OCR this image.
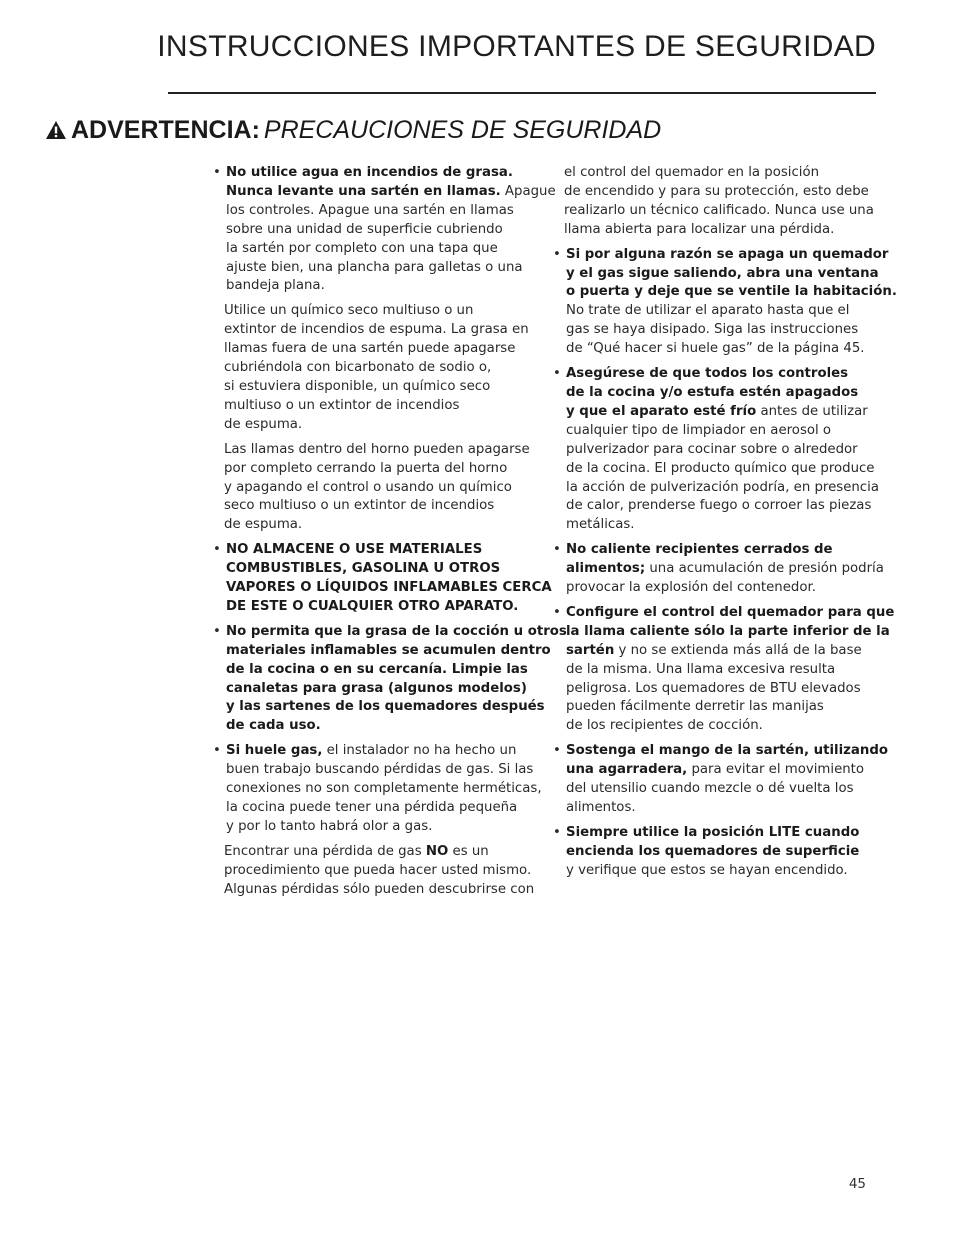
INSTRUCCIONES IMPORTANTES DE SEGURIDAD
ADVERTENCIA: PRECAUCIONES DE SEGURIDAD
• No utilice agua en incendios de grasa.
Nunca levante una sartén en llamas. Apague
los controles. Apague una sartén en llamas
sobre una unidad de superficie cubriendo
la sartén por completo con una tapa que
ajuste bien, una plancha para galletas o una
bandeja plana.
Utilice un químico seco multiuso o un
extintor de incendios de espuma. La grasa en
llamas fuera de una sartén puede apagarse
cubriéndola con bicarbonato de sodio o,
si estuviera disponible, un químico seco
multiuso o un extintor de incendios
de espuma.
Las llamas dentro del horno pueden apagarse
por completo cerrando la puerta del horno
y apagando el control o usando un químico
seco multiuso o un extintor de incendios
de espuma.
• NO ALMACENE O USE MATERIALES
COMBUSTIBLES, GASOLINA U OTROS
VAPORES O LÍQUIDOS INFLAMABLES CERCA
DE ESTE O CUALQUIER OTRO APARATO.
• No permita que la grasa de la cocción u otros
materiales inflamables se acumulen dentro
de la cocina o en su cercanía. Limpie las
canaletas para grasa (algunos modelos)
y las sartenes de los quemadores después
de cada uso.
• Si huele gas, el instalador no ha hecho un
buen trabajo buscando pérdidas de gas. Si las
conexiones no son completamente herméticas,
la cocina puede tener una pérdida pequeña
y por lo tanto habrá olor a gas.
Encontrar una pérdida de gas NO es un
procedimiento que pueda hacer usted mismo.
Algunas pérdidas sólo pueden descubrirse con
el control del quemador en la posición
de encendido y para su protección, esto debe
realizarlo un técnico calificado. Nunca use una
llama abierta para localizar una pérdida.
• Si por alguna razón se apaga un quemador
y el gas sigue saliendo, abra una ventana
o puerta y deje que se ventile la habitación.
No trate de utilizar el aparato hasta que el
gas se haya disipado. Siga las instrucciones
de “Qué hacer si huele gas” de la página 45.
• Asegúrese de que todos los controles
de la cocina y/o estufa estén apagados
y que el aparato esté frío antes de utilizar
cualquier tipo de limpiador en aerosol o
pulverizador para cocinar sobre o alrededor
de la cocina. El producto químico que produce
la acción de pulverización podría, en presencia
de calor, prenderse fuego o corroer las piezas
metálicas.
• No caliente recipientes cerrados de
alimentos; una acumulación de presión podría
provocar la explosión del contenedor.
• Configure el control del quemador para que
la llama caliente sólo la parte inferior de la
sartén y no se extienda más allá de la base
de la misma. Una llama excesiva resulta
peligrosa. Los quemadores de BTU elevados
pueden fácilmente derretir las manijas
de los recipientes de cocción.
• Sostenga el mango de la sartén, utilizando
una agarradera, para evitar el movimiento
del utensilio cuando mezcle o dé vuelta los
alimentos.
• Siempre utilice la posición LITE cuando
encienda los quemadores de superficie
y verifique que estos se hayan encendido.
45
